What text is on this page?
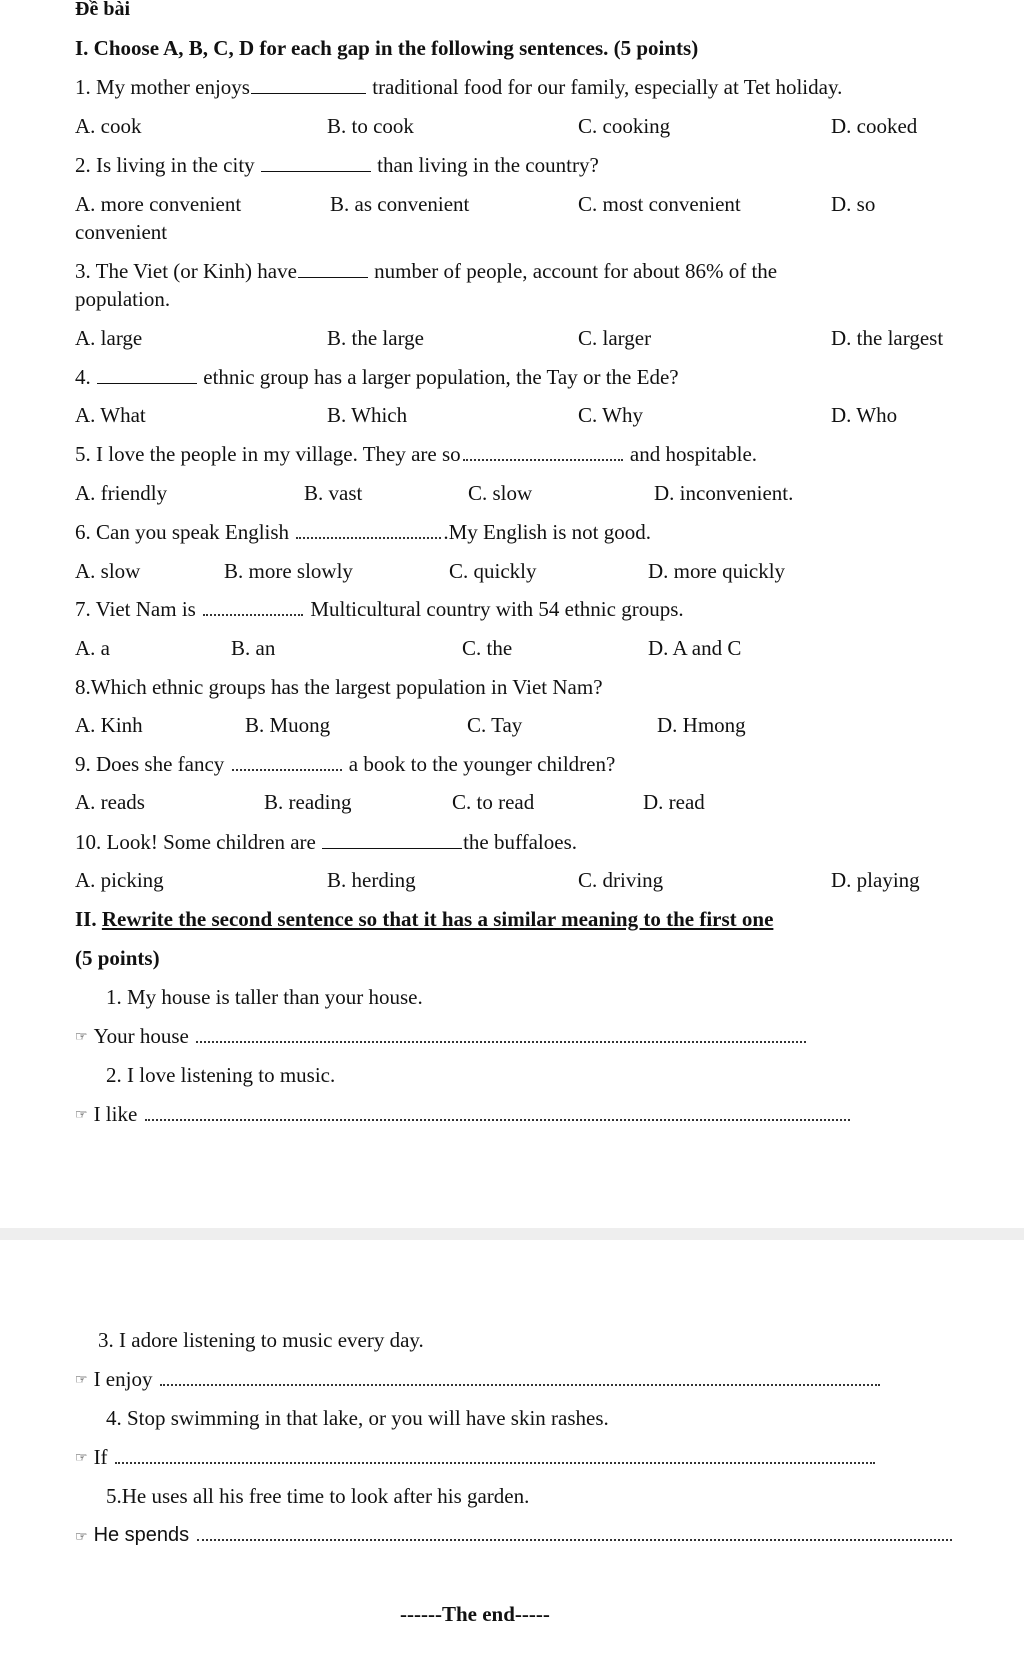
Đề bài
I. Choose A, B, C, D for each gap in the following sentences. (5 points)
1. My mother enjoys	traditional food for our family, especially at Tet holiday.
A. cook	B. to cook	C. cooking	D. cooked
2. Is living in the city	than living in the country?
A. more convenient	B. as convenient	C. most convenient	D. so
convenient
3. The Viet (or Kinh) have	number of people, account for about 86% of the
population.
A. large	B. the large	C. larger	D. the largest
4.	ethnic group has a larger population, the Tay or the Ede?
A. What	B. Which	C. Why	D. Who
5. I love the people in my village. They are so	and hospitable.
A. friendly	B. vast	C. slow	D. inconvenient.
6. Can you speak English	.My English is not good.
A. slow	B. more slowly	C. quickly	D. more quickly
7. Viet Nam is	Multicultural country with 54 ethnic groups.
A. a	B. an	C. the	D. A and C
8.Which ethnic groups has the largest population in Viet Nam?
A. Kinh	B. Muong	C. Tay	D. Hmong
9. Does she fancy	a book to the younger children?
A. reads	B. reading	C. to read	D. read
10. Look! Some children are	the buffaloes.
A. picking	B. herding	C. driving	D. playing
II. Rewrite the second sentence so that it has a similar meaning to the first one
(5 points)
1. My house is taller than your house.
☞ Your house
2. I love listening to music.
☞ I like
3. I adore listening to music every day.
☞ I enjoy
4. Stop swimming in that lake, or you will have skin rashes.
☞ If
5.He uses all his free time to look after his garden.
☞ He spends
------The end-----
